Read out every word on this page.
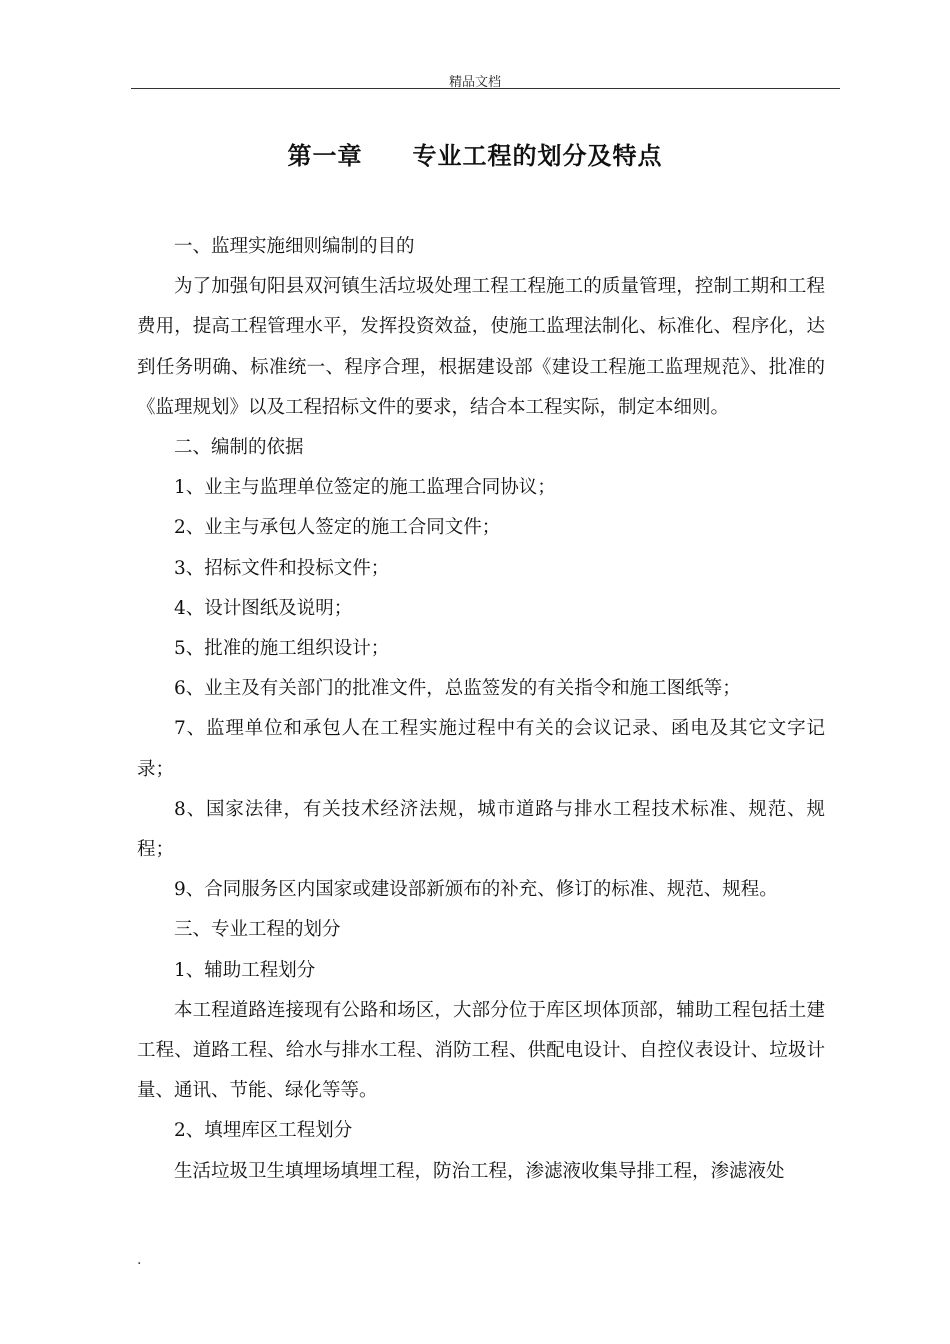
精品文档
第一章　　专业工程的划分及特点

一、监理实施细则编制的目的

为了加强旬阳县双河镇生活垃圾处理工程工程施工的质量管理，控制工期和工程费用，提高工程管理水平，发挥投资效益，使施工监理法制化、标准化、程序化，达到任务明确、标准统一、程序合理，根据建设部《建设工程施工监理规范》、批准的《监理规划》以及工程招标文件的要求，结合本工程实际，制定本细则。

二、编制的依据

1、业主与监理单位签定的施工监理合同协议；

2、业主与承包人签定的施工合同文件；

3、招标文件和投标文件；

4、设计图纸及说明；

5、批准的施工组织设计；

6、业主及有关部门的批准文件，总监签发的有关指令和施工图纸等；

7、监理单位和承包人在工程实施过程中有关的会议记录、函电及其它文字记录；

8、国家法律，有关技术经济法规，城市道路与排水工程技术标准、规范、规程；

9、合同服务区内国家或建设部新颁布的补充、修订的标准、规范、规程。

三、专业工程的划分

1、辅助工程划分

本工程道路连接现有公路和场区，大部分位于库区坝体顶部，辅助工程包括土建工程、道路工程、给水与排水工程、消防工程、供配电设计、自控仪表设计、垃圾计量、通讯、节能、绿化等等。

2、填埋库区工程划分

生活垃圾卫生填埋场填埋工程，防治工程，渗滤液收集导排工程，渗滤液处

.
